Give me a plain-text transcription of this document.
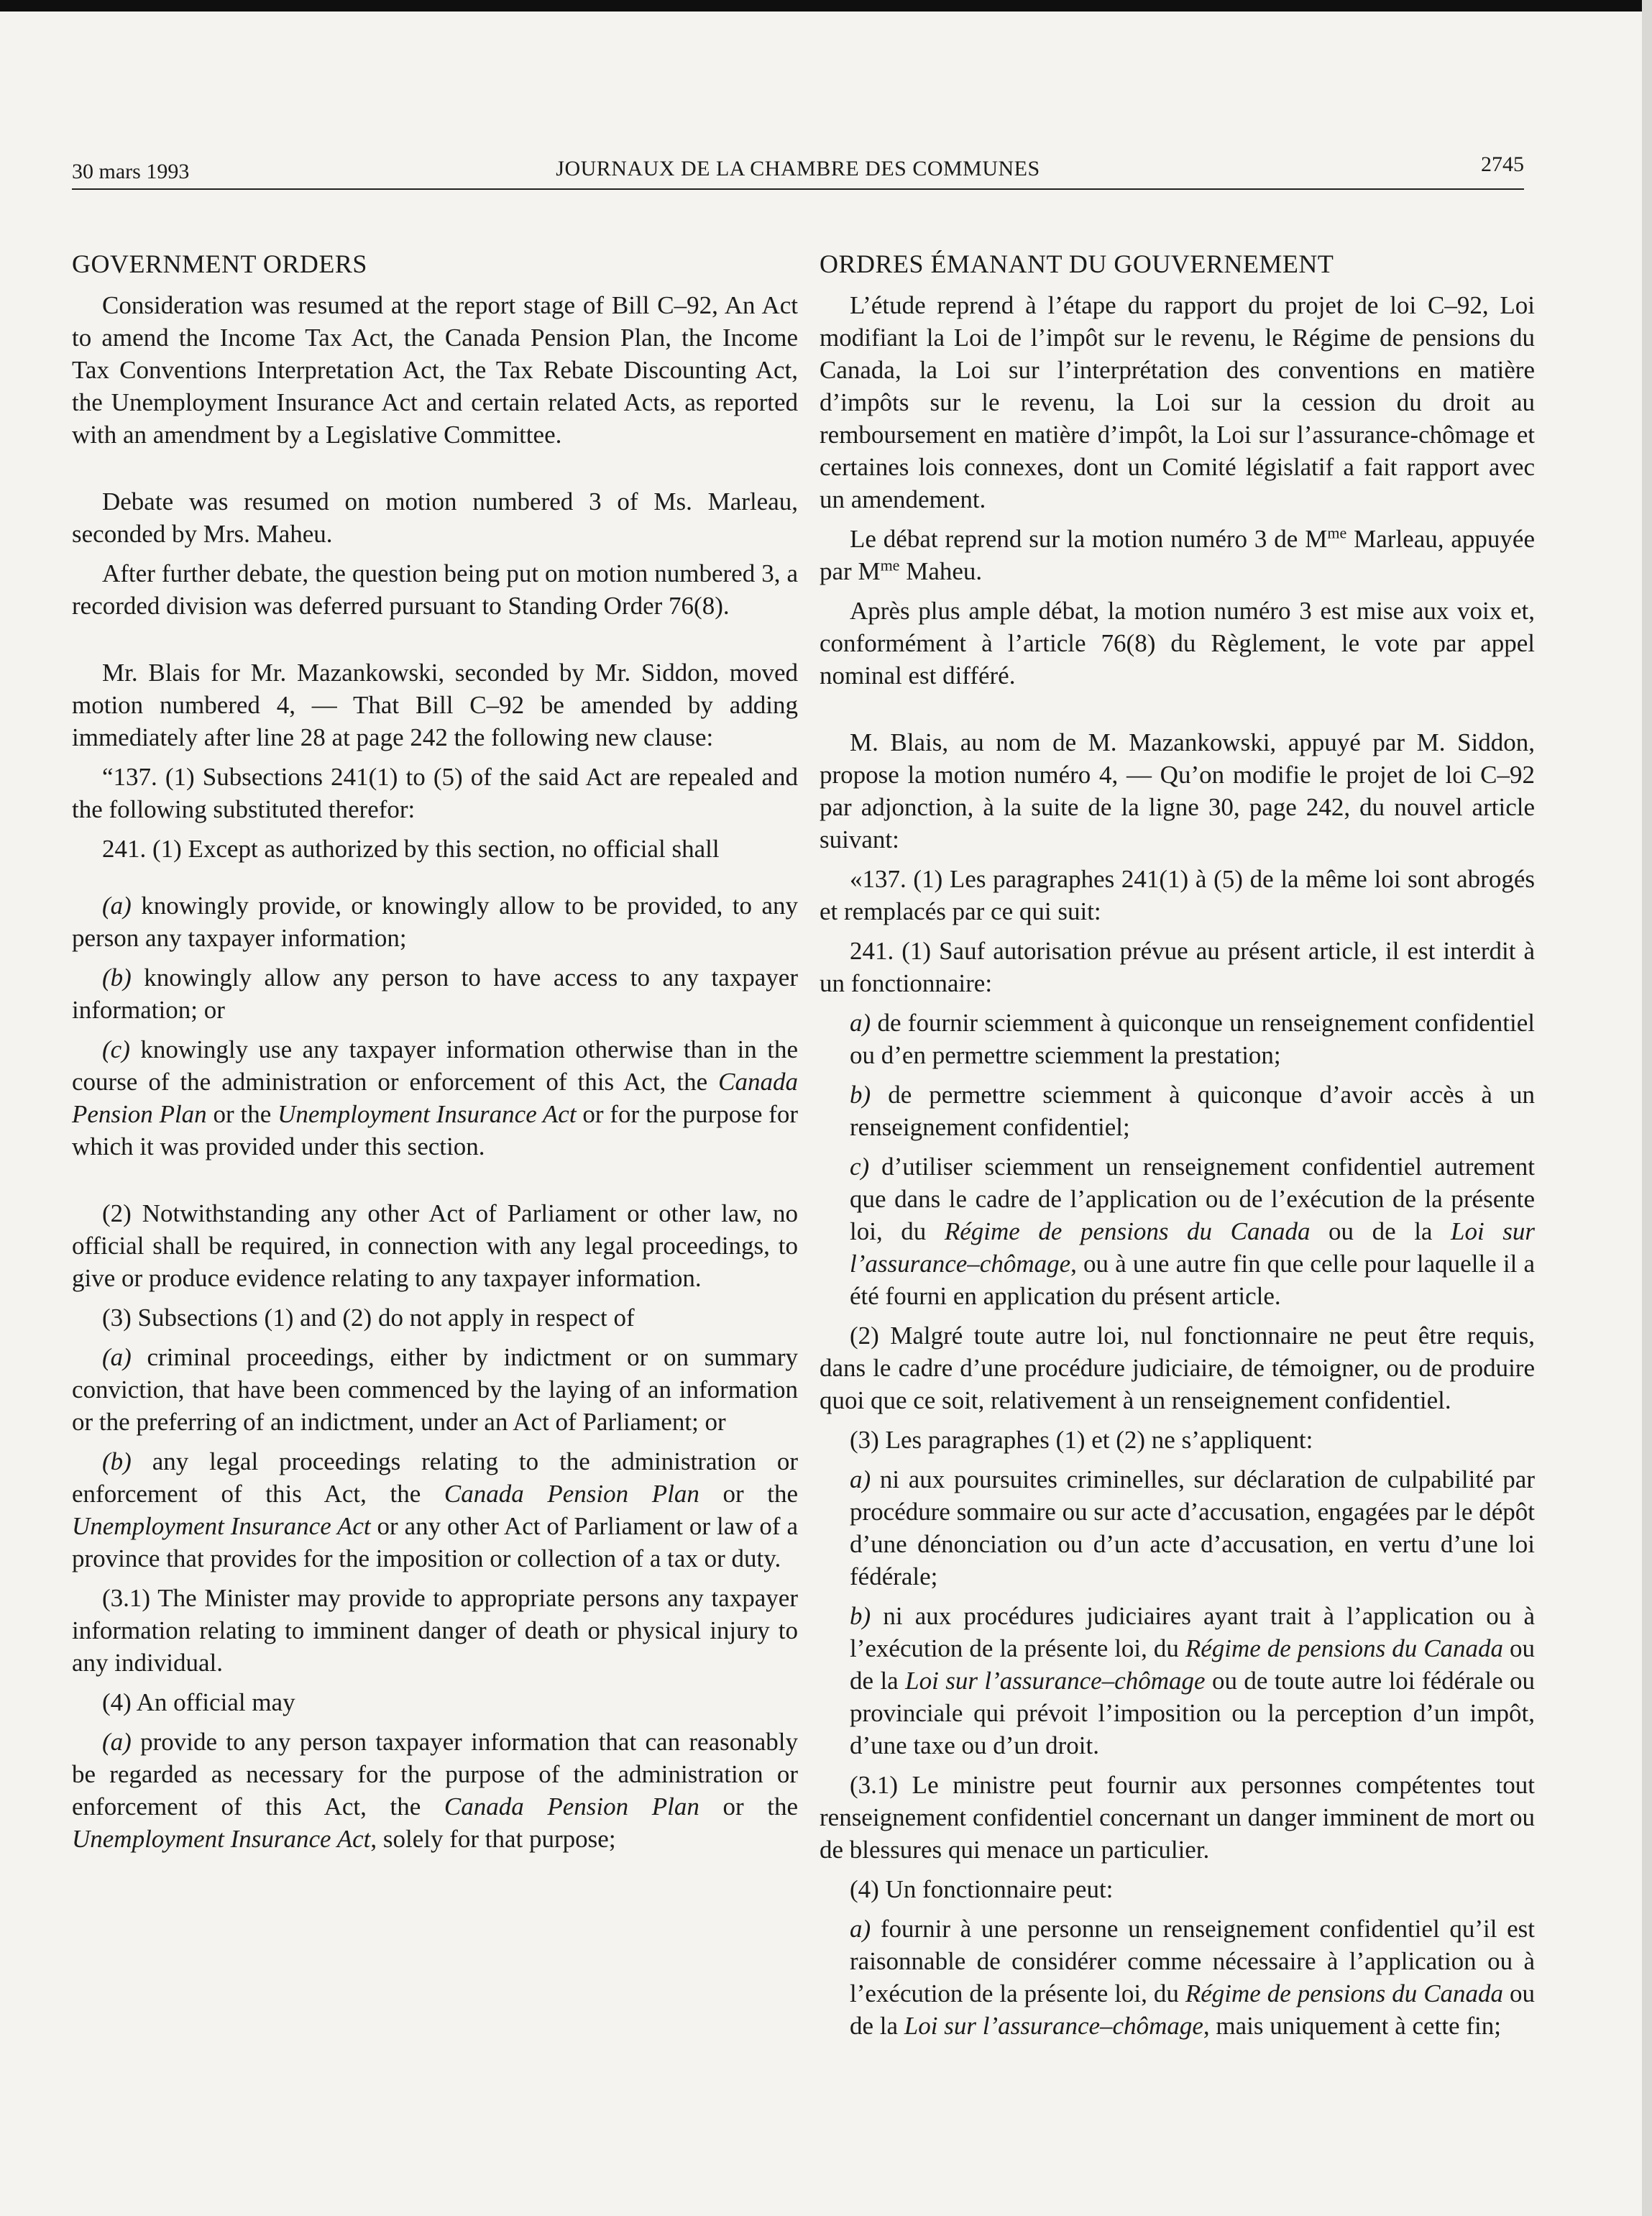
30 mars 1993	JOURNAUX DE LA CHAMBRE DES COMMUNES	2745
GOVERNMENT ORDERS
Consideration was resumed at the report stage of Bill C–92, An Act to amend the Income Tax Act, the Canada Pension Plan, the Income Tax Conventions Interpretation Act, the Tax Rebate Discounting Act, the Unemployment Insurance Act and certain related Acts, as reported with an amendment by a Legislative Committee.
Debate was resumed on motion numbered 3 of Ms. Marleau, seconded by Mrs. Maheu.
After further debate, the question being put on motion numbered 3, a recorded division was deferred pursuant to Standing Order 76(8).
Mr. Blais for Mr. Mazankowski, seconded by Mr. Siddon, moved motion numbered 4, — That Bill C–92 be amended by adding immediately after line 28 at page 242 the following new clause:
“137. (1) Subsections 241(1) to (5) of the said Act are repealed and the following substituted therefor:
241. (1) Except as authorized by this section, no official shall
(a) knowingly provide, or knowingly allow to be provided, to any person any taxpayer information;
(b) knowingly allow any person to have access to any taxpayer information; or
(c) knowingly use any taxpayer information otherwise than in the course of the administration or enforcement of this Act, the Canada Pension Plan or the Unemployment Insurance Act or for the purpose for which it was provided under this section.
(2) Notwithstanding any other Act of Parliament or other law, no official shall be required, in connection with any legal proceedings, to give or produce evidence relating to any taxpayer information.
(3) Subsections (1) and (2) do not apply in respect of
(a) criminal proceedings, either by indictment or on summary conviction, that have been commenced by the laying of an information or the preferring of an indictment, under an Act of Parliament; or
(b) any legal proceedings relating to the administration or enforcement of this Act, the Canada Pension Plan or the Unemployment Insurance Act or any other Act of Parliament or law of a province that provides for the imposition or collection of a tax or duty.
(3.1) The Minister may provide to appropriate persons any taxpayer information relating to imminent danger of death or physical injury to any individual.
(4) An official may
(a) provide to any person taxpayer information that can reasonably be regarded as necessary for the purpose of the administration or enforcement of this Act, the Canada Pension Plan or the Unemployment Insurance Act, solely for that purpose;
ORDRES ÉMANANT DU GOUVERNEMENT
L’étude reprend à l’étape du rapport du projet de loi C–92, Loi modifiant la Loi de l’impôt sur le revenu, le Régime de pensions du Canada, la Loi sur l’interprétation des conventions en matière d’impôts sur le revenu, la Loi sur la cession du droit au remboursement en matière d’impôt, la Loi sur l’assurance-chômage et certaines lois connexes, dont un Comité législatif a fait rapport avec un amendement.
Le débat reprend sur la motion numéro 3 de $M^{me}$ Marleau, appuyée par $M^{me}$ Maheu.
Après plus ample débat, la motion numéro 3 est mise aux voix et, conformément à l’article 76(8) du Règlement, le vote par appel nominal est différé.
M. Blais, au nom de M. Mazankowski, appuyé par M. Siddon, propose la motion numéro 4, — Qu’on modifie le projet de loi C–92 par adjonction, à la suite de la ligne 30, page 242, du nouvel article suivant:
«137. (1) Les paragraphes 241(1) à (5) de la même loi sont abrogés et remplacés par ce qui suit:
241. (1) Sauf autorisation prévue au présent article, il est interdit à un fonctionnaire:
a) de fournir sciemment à quiconque un renseignement confidentiel ou d’en permettre sciemment la prestation;
b) de permettre sciemment à quiconque d’avoir accès à un renseignement confidentiel;
c) d’utiliser sciemment un renseignement confidentiel autrement que dans le cadre de l’application ou de l’exécution de la présente loi, du Régime de pensions du Canada ou de la Loi sur l’assurance–chômage, ou à une autre fin que celle pour laquelle il a été fourni en application du présent article.
(2) Malgré toute autre loi, nul fonctionnaire ne peut être requis, dans le cadre d’une procédure judiciaire, de témoigner, ou de produire quoi que ce soit, relativement à un renseignement confidentiel.
(3) Les paragraphes (1) et (2) ne s’appliquent:
a) ni aux poursuites criminelles, sur déclaration de culpabilité par procédure sommaire ou sur acte d’accusation, engagées par le dépôt d’une dénonciation ou d’un acte d’accusation, en vertu d’une loi fédérale;
b) ni aux procédures judiciaires ayant trait à l’application ou à l’exécution de la présente loi, du Régime de pensions du Canada ou de la Loi sur l’assurance–chômage ou de toute autre loi fédérale ou provinciale qui prévoit l’imposition ou la perception d’un impôt, d’une taxe ou d’un droit.
(3.1) Le ministre peut fournir aux personnes compétentes tout renseignement confidentiel concernant un danger imminent de mort ou de blessures qui menace un particulier.
(4) Un fonctionnaire peut:
a) fournir à une personne un renseignement confidentiel qu’il est raisonnable de considérer comme nécessaire à l’application ou à l’exécution de la présente loi, du Régime de pensions du Canada ou de la Loi sur l’assurance–chômage, mais uniquement à cette fin;
